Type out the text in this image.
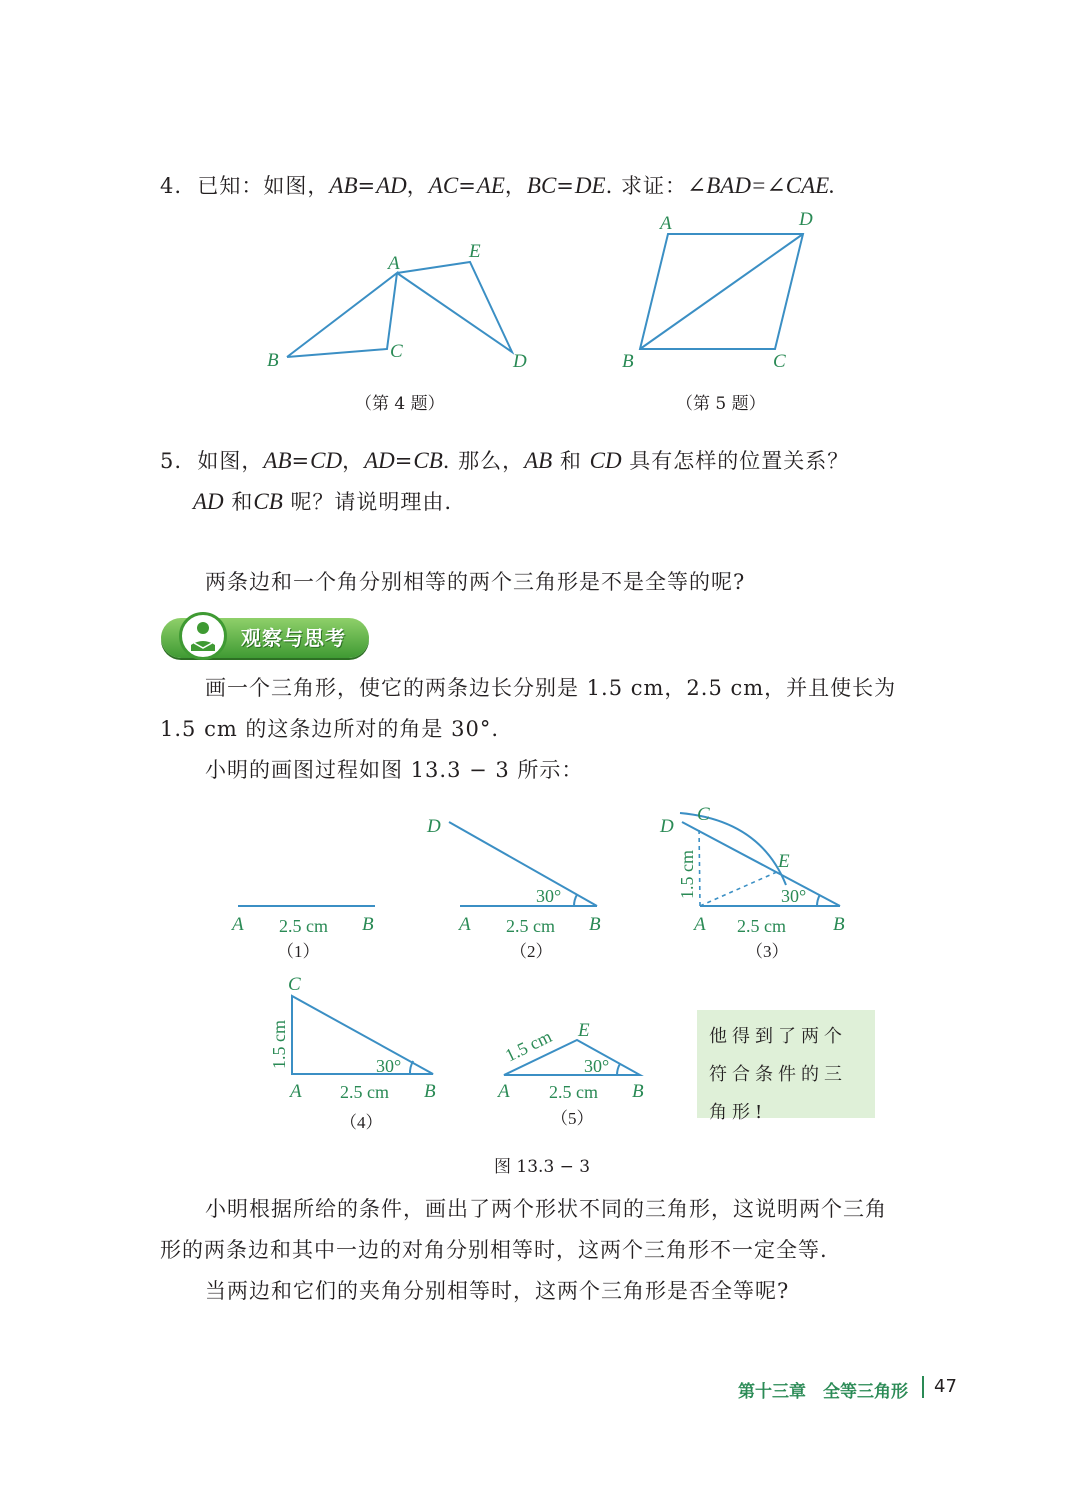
4. 已知：如图，AB=AD，AC=AE，BC=DE. 求证：∠BAD=∠CAE.
A
E
B	C	D
A	D
B	C
（第 4 题）	（第 5 题）
5. 如图，AB=CD，AD=CB. 那么，AB 和 CD 具有怎样的位置关系？
AD 和CB 呢？请说明理由.
两条边和一个角分别相等的两个三角形是不是全等的呢?
观察与思考
画一个三角形，使它的两条边长分别是 1.5 cm，2.5 cm，并且使长为
1.5 cm 的这条边所对的角是 30°.
小明的画图过程如图 13.3 − 3 所示：
A	B
2.5 cm
（1）
D
A	B
30°
2.5 cm
（2）
D
C
E
A	B
30°
2.5 cm
1.5 cm
（3）
C
A	B
30°
2.5 cm
1.5 cm
（4）
E
A	B
30°
2.5 cm
1.5 cm
（5）
他得到了两个符合条件的三角形!
图 13.3 − 3
小明根据所给的条件，画出了两个形状不同的三角形，这说明两个三角
形的两条边和其中一边的对角分别相等时，这两个三角形不一定全等.
当两边和它们的夹角分别相等时，这两个三角形是否全等呢?
第十三章　全等三角形 47
